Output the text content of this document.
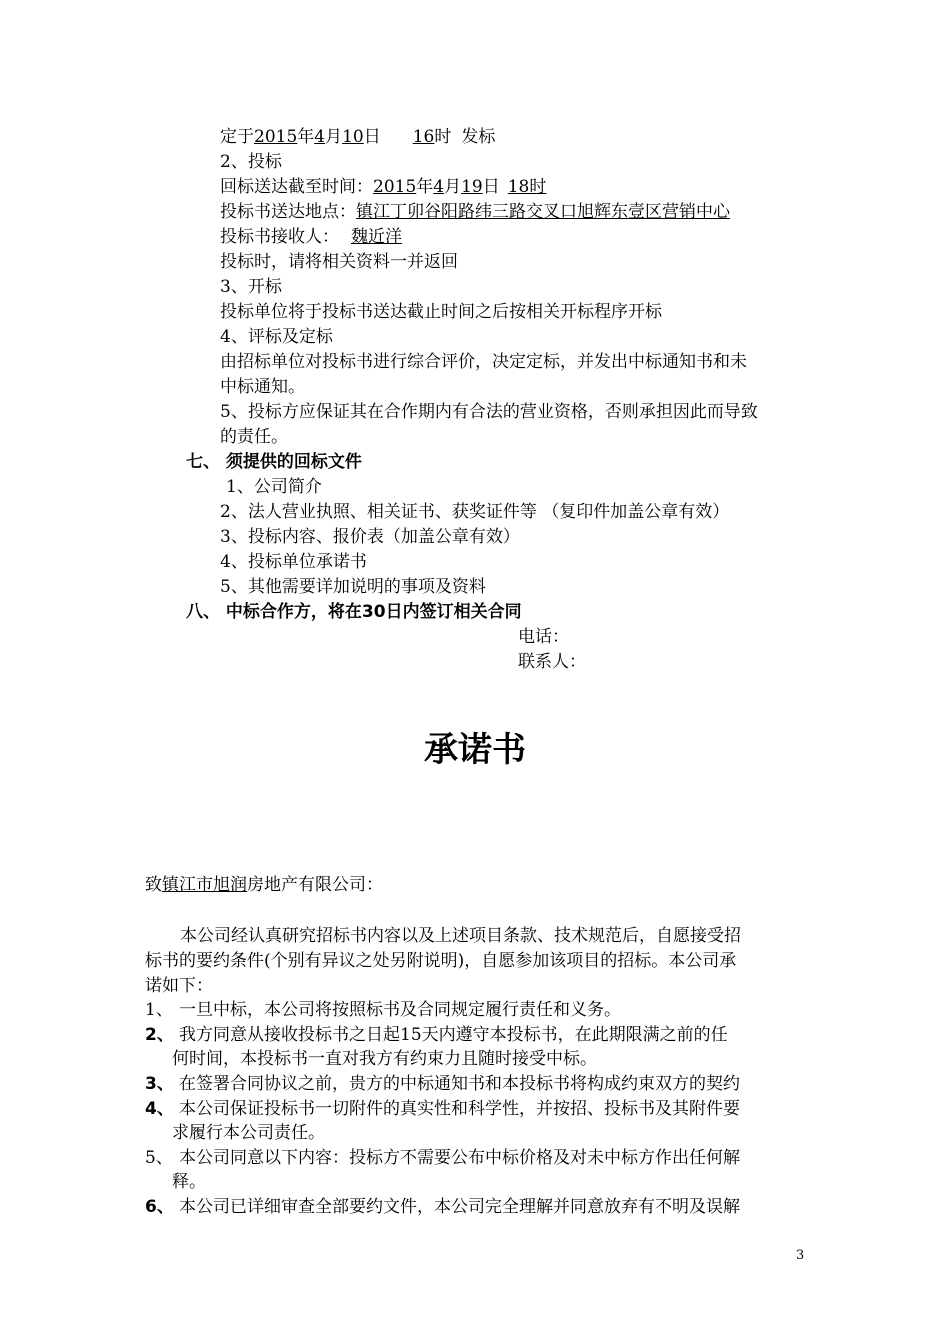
定于2015年4月10日 16时 发标
2、投标
回标送达截至时间：2015年4月19日 18时
投标书送达地点：镇江丁卯谷阳路纬三路交叉口旭辉东壹区营销中心
投标书接收人： 魏近洋
投标时，请将相关资料一并返回
3、开标
投标单位将于投标书送达截止时间之后按相关开标程序开标
4、评标及定标
由招标单位对投标书进行综合评价，决定定标，并发出中标通知书和未
中标通知。
5、投标方应保证其在合作期内有合法的营业资格，否则承担因此而导致
的责任。
七、 须提供的回标文件
1、公司简介
2、法人营业执照、相关证书、获奖证件等 （复印件加盖公章有效）
3、投标内容、报价表（加盖公章有效）
4、投标单位承诺书
5、其他需要详加说明的事项及资料
八、 中标合作方，将在30日内签订相关合同
电话：
联系人：
承诺书
致镇江市旭润房地产有限公司：
本公司经认真研究招标书内容以及上述项目条款、技术规范后，自愿接受招
标书的要约条件(个别有异议之处另附说明)，自愿参加该项目的招标。本公司承
诺如下：
1、 一旦中标，本公司将按照标书及合同规定履行责任和义务。
2、 我方同意从接收投标书之日起15天内遵守本投标书，在此期限满之前的任
何时间，本投标书一直对我方有约束力且随时接受中标。
3、 在签署合同协议之前，贵方的中标通知书和本投标书将构成约束双方的契约
4、 本公司保证投标书一切附件的真实性和科学性，并按招、投标书及其附件要
求履行本公司责任。
5、 本公司同意以下内容：投标方不需要公布中标价格及对未中标方作出任何解
释。
6、 本公司已详细审查全部要约文件，本公司完全理解并同意放弃有不明及误解
3
